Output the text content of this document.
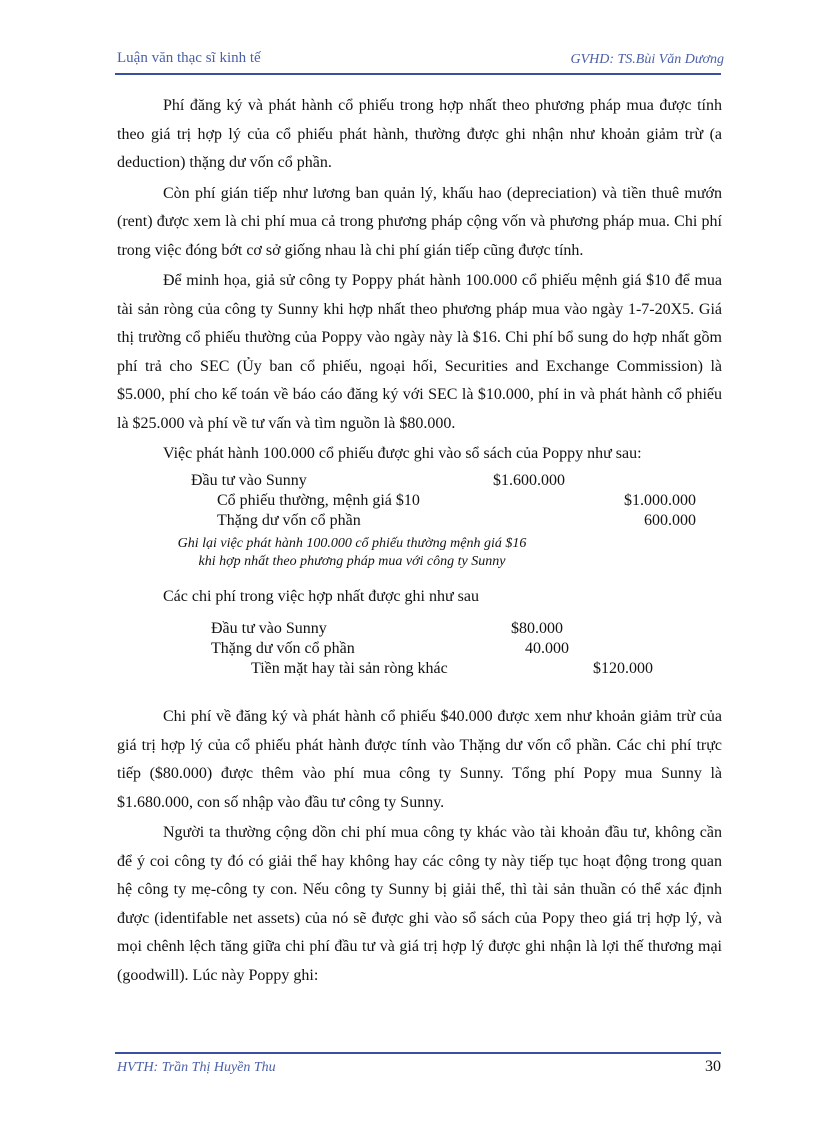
Luận văn thạc sĩ kinh tế	GVHD: TS.Bùi Văn Dương

Phí đăng ký và phát hành cổ phiếu trong hợp nhất theo phương pháp mua được tính theo giá trị hợp lý của cổ phiếu phát hành, thường được ghi nhận như khoản giảm trừ (a deduction) thặng dư vốn cổ phần.

Còn phí gián tiếp như lương ban quản lý, khấu hao (depreciation) và tiền thuê mướn (rent) được xem là chi phí mua cả trong phương pháp cộng vốn và phương pháp mua. Chi phí trong việc đóng bớt cơ sở giống nhau là chi phí gián tiếp cũng được tính.

Để minh họa, giả sử công ty Poppy phát hành 100.000 cổ phiếu mệnh giá $10 để mua tài sản ròng của công ty Sunny khi hợp nhất theo phương pháp mua vào ngày 1-7-20X5. Giá thị trường cổ phiếu thường của Poppy vào ngày này là $16. Chi phí bổ sung do hợp nhất gồm phí trả cho SEC (Ủy ban cổ phiếu, ngoại hối, Securities and Exchange Commission) là $5.000, phí cho kế toán về báo cáo đăng ký với SEC là $10.000, phí in và phát hành cổ phiếu là $25.000 và phí về tư vấn và tìm nguồn là $80.000.

Việc phát hành 100.000 cổ phiếu được ghi vào sổ sách của Poppy như sau:

Đầu tư vào Sunny	$1.600.000
Cổ phiếu thường, mệnh giá $10	$1.000.000
Thặng dư vốn cổ phần	600.000
Ghi lại việc phát hành 100.000 cổ phiếu thường mệnh giá $16
khi hợp nhất theo phương pháp mua với công ty Sunny

Các chi phí trong việc hợp nhất được ghi như sau

Đầu tư vào Sunny	$80.000
Thặng dư vốn cổ phần	40.000
Tiền mặt hay tài sản ròng khác	$120.000

Chi phí về đăng ký và phát hành cổ phiếu $40.000 được xem như khoản giảm trừ của giá trị hợp lý của cổ phiếu phát hành được tính vào Thặng dư vốn cổ phần. Các chi phí trực tiếp ($80.000) được thêm vào phí mua công ty Sunny. Tổng phí Popy mua Sunny là $1.680.000, con số nhập vào đầu tư công ty Sunny.

Người ta thường cộng dồn chi phí mua công ty khác vào tài khoản đầu tư, không cần để ý coi công ty đó có giải thể hay không hay các công ty này tiếp tục hoạt động trong quan hệ công ty mẹ-công ty con. Nếu công ty Sunny bị giải thể, thì tài sản thuần có thể xác định được (identifable net assets) của nó sẽ được ghi vào sổ sách của Popy theo giá trị hợp lý, và mọi chênh lệch tăng giữa chi phí đầu tư và giá trị hợp lý được ghi nhận là lợi thế thương mại (goodwill). Lúc này Poppy ghi:

HVTH: Trần Thị Huyền Thu	30
